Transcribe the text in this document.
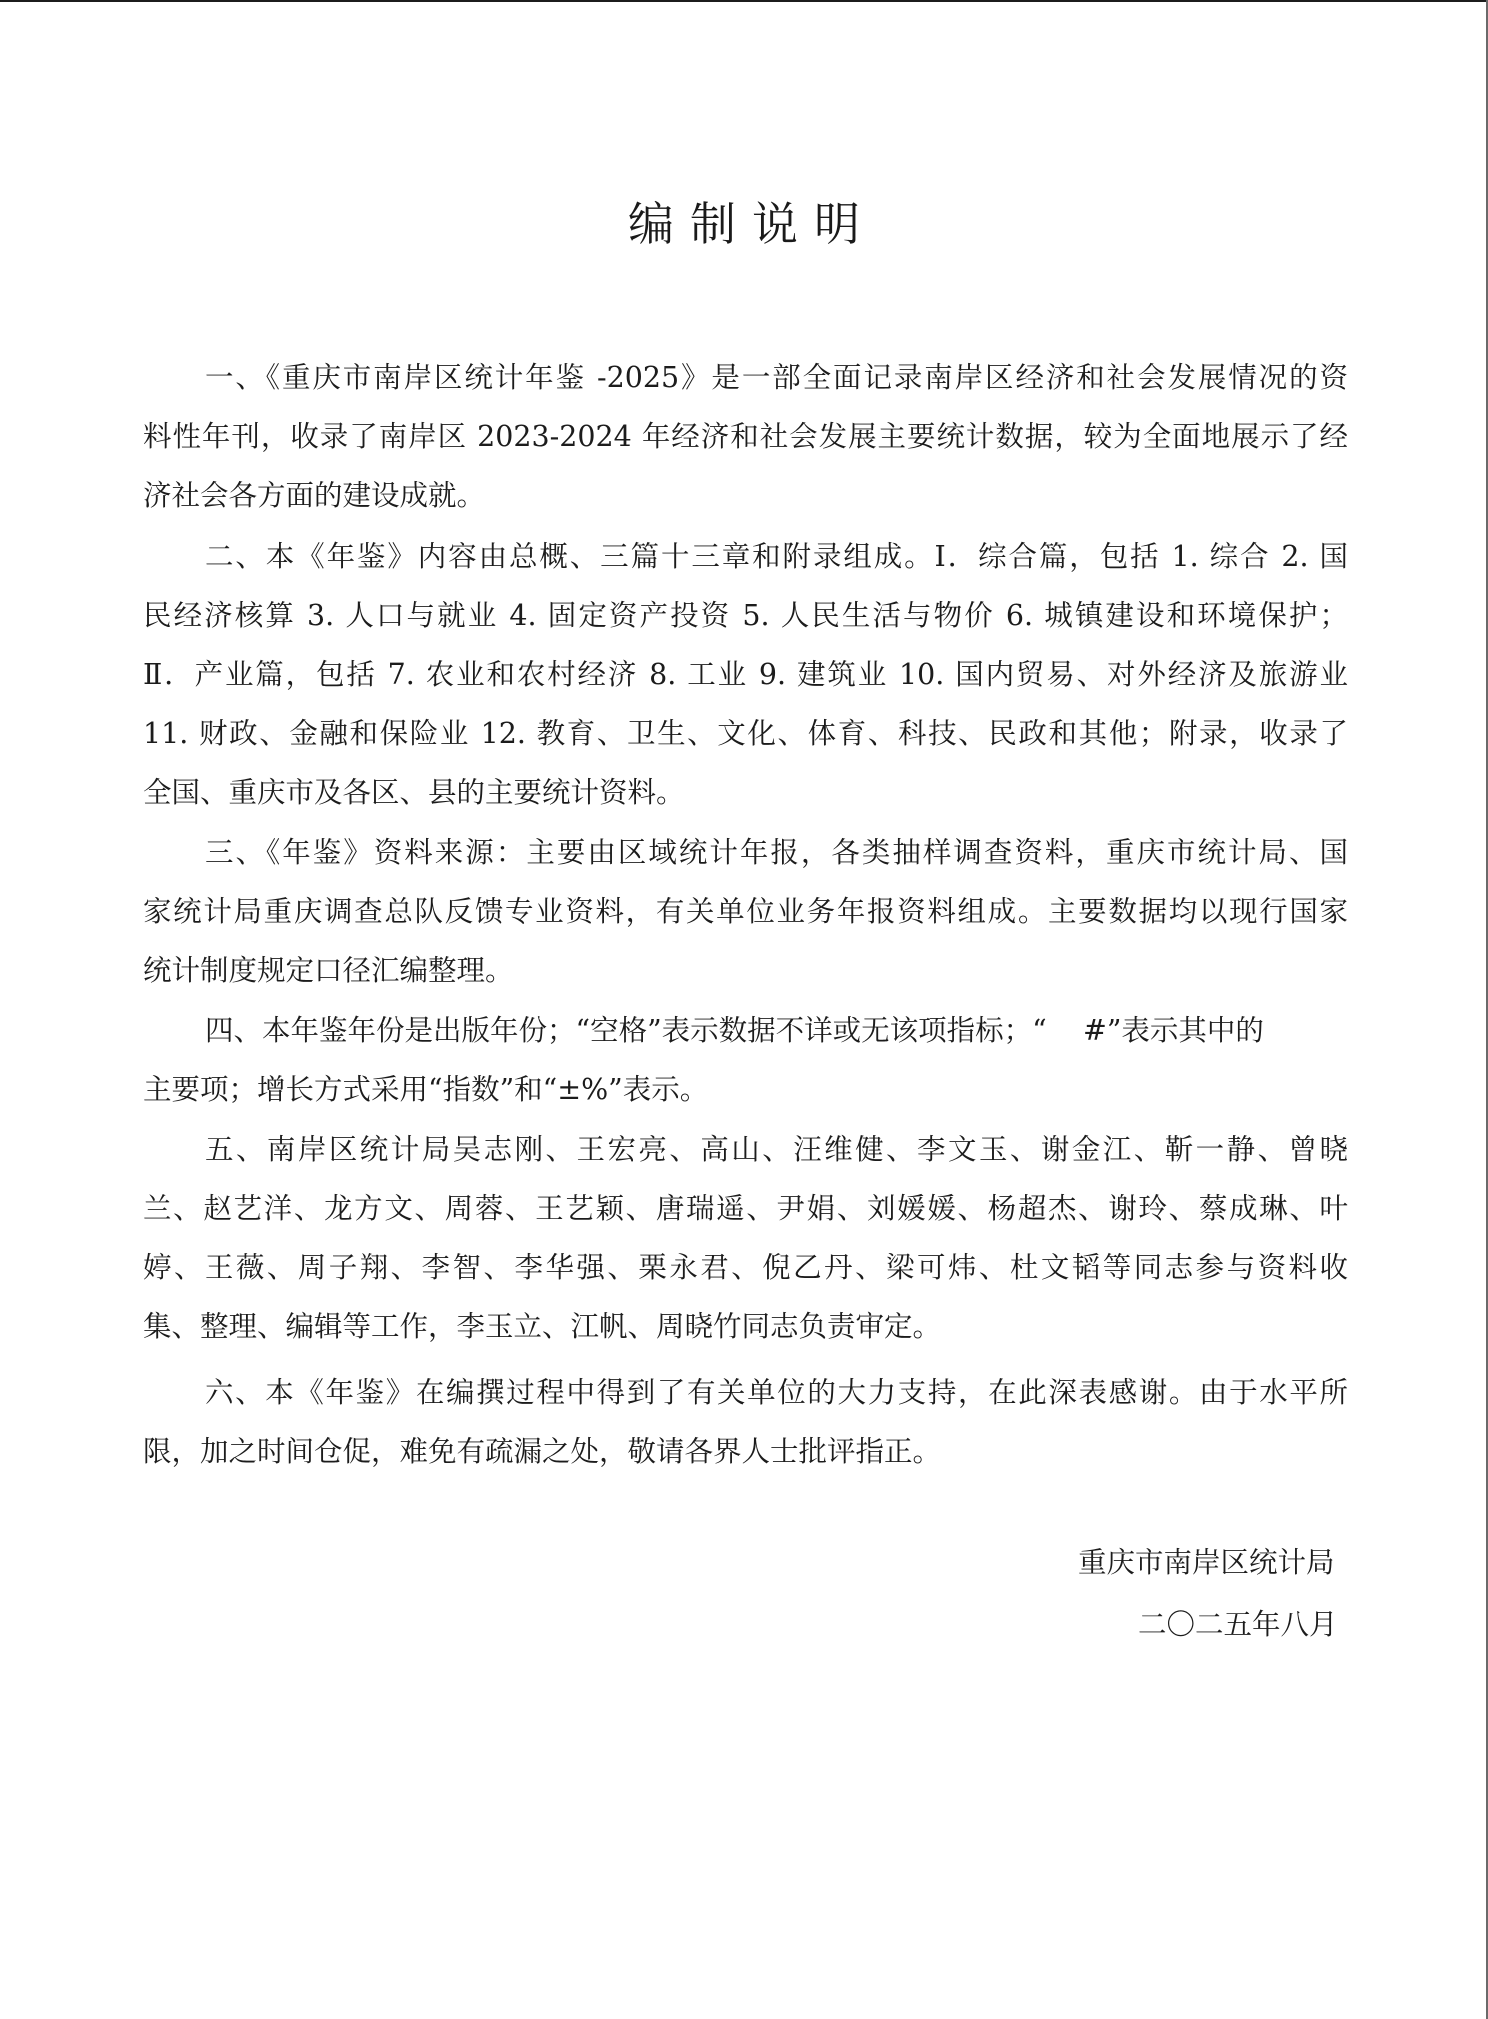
编制说明
一、《重庆市南岸区统计年鉴 -2025》是一部全面记录南岸区经济和社会发展情况的资
料性年刊，收录了南岸区 2023-2024 年经济和社会发展主要统计数据，较为全面地展示了经
济社会各方面的建设成就。
二、本《年鉴》内容由总概、三篇十三章和附录组成。Ⅰ．综合篇，包括 1. 综合 2. 国
民经济核算 3. 人口与就业 4. 固定资产投资 5. 人民生活与物价 6. 城镇建设和环境保护；
Ⅱ．产业篇，包括 7. 农业和农村经济 8. 工业 9. 建筑业 10. 国内贸易、对外经济及旅游业
11. 财政、金融和保险业 12. 教育、卫生、文化、体育、科技、民政和其他；附录，收录了
全国、重庆市及各区、县的主要统计资料。
三、《年鉴》资料来源：主要由区域统计年报，各类抽样调查资料，重庆市统计局、国
家统计局重庆调查总队反馈专业资料，有关单位业务年报资料组成。主要数据均以现行国家
统计制度规定口径汇编整理。
四、本年鉴年份是出版年份；“空格”表示数据不详或无该项指标；“    #”表示其中的
主要项；增长方式采用“指数”和“±%”表示。
五、南岸区统计局吴志刚、王宏亮、高山、汪维健、李文玉、谢金江、靳一静、曾晓
兰、赵艺洋、龙方文、周蓉、王艺颖、唐瑞遥、尹娟、刘媛媛、杨超杰、谢玲、蔡成琳、叶
婷、王薇、周子翔、李智、李华强、栗永君、倪乙丹、梁可炜、杜文韬等同志参与资料收
集、整理、编辑等工作，李玉立、江帆、周晓竹同志负责审定。
六、本《年鉴》在编撰过程中得到了有关单位的大力支持，在此深表感谢。由于水平所
限，加之时间仓促，难免有疏漏之处，敬请各界人士批评指正。
重庆市南岸区统计局
二〇二五年八月
